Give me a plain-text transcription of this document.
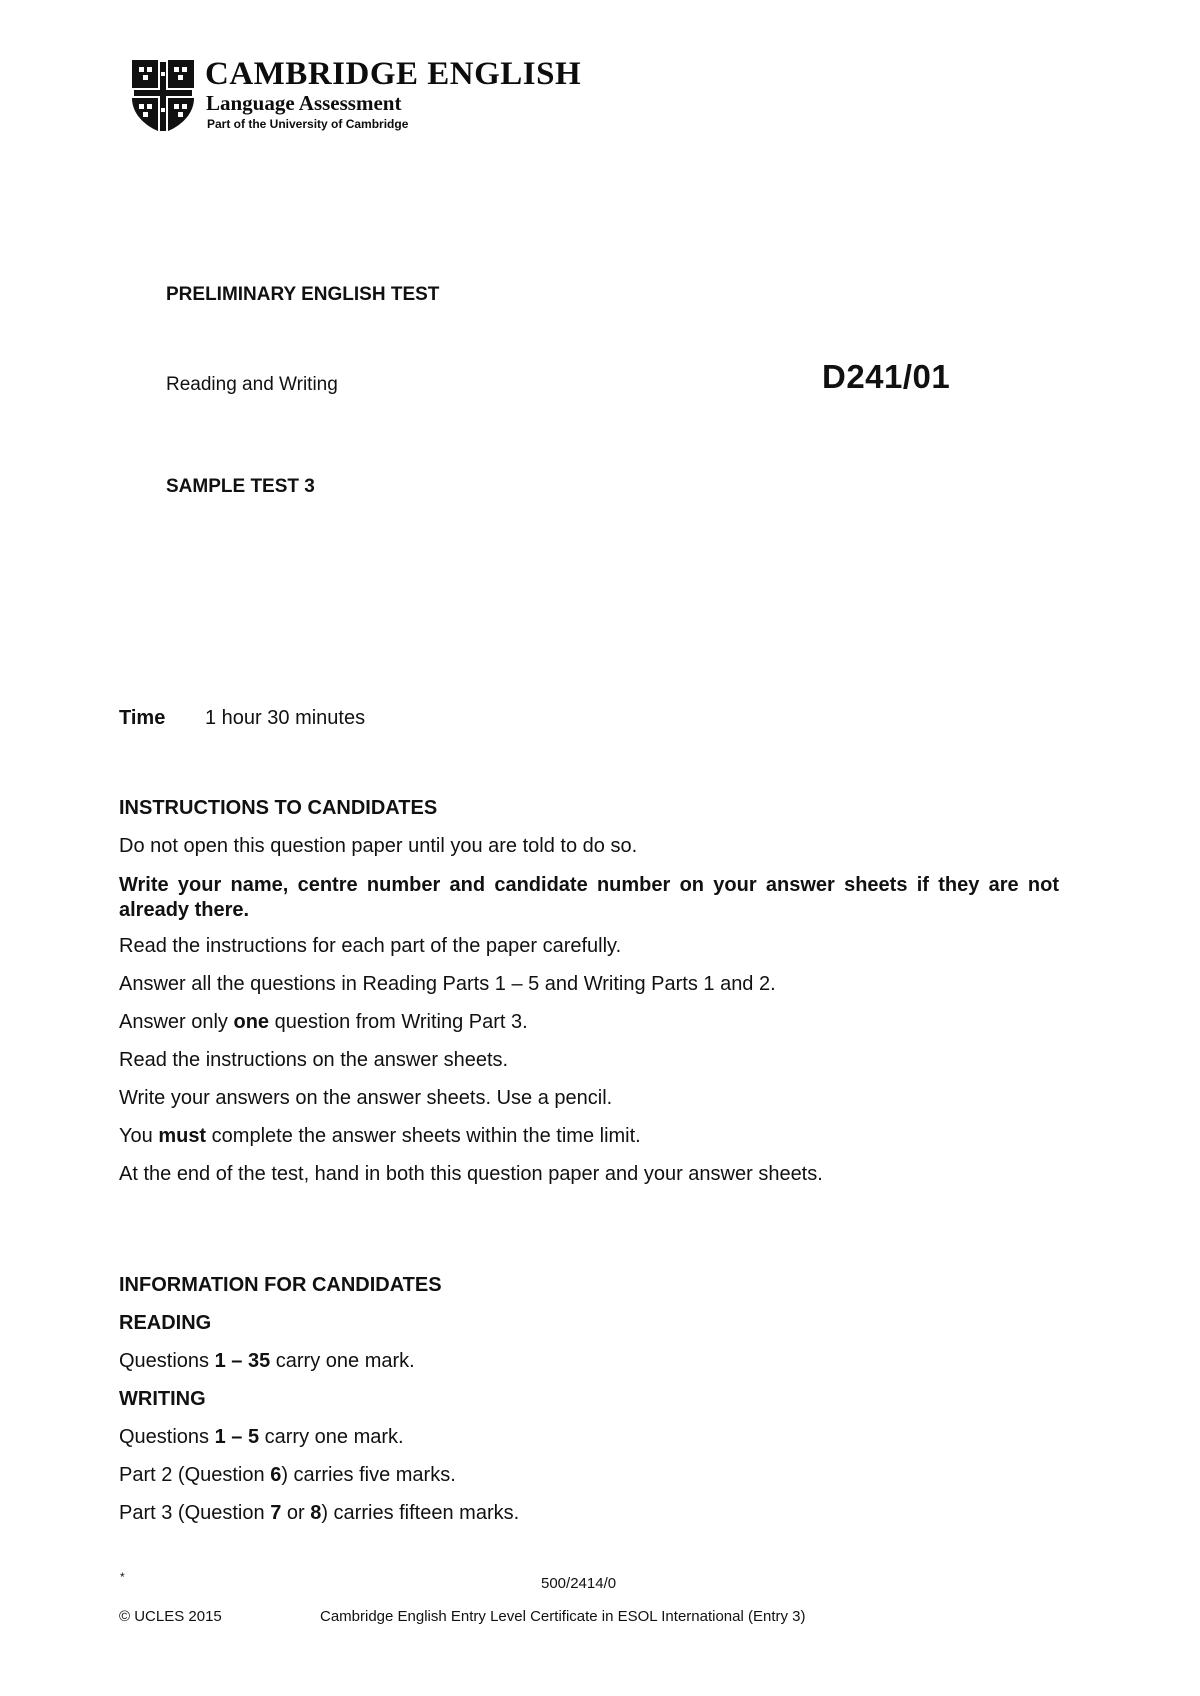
CAMBRIDGE ENGLISH
Language Assessment
Part of the University of Cambridge
PRELIMINARY ENGLISH TEST
Reading and Writing	D241/01
SAMPLE TEST 3
Time 1 hour 30 minutes
INSTRUCTIONS TO CANDIDATES
Do not open this question paper until you are told to do so.
Write your name, centre number and candidate number on your answer sheets if they are not already there.
Read the instructions for each part of the paper carefully.
Answer all the questions in Reading Parts 1 – 5 and Writing Parts 1 and 2.
Answer only one question from Writing Part 3.
Read the instructions on the answer sheets.
Write your answers on the answer sheets. Use a pencil.
You must complete the answer sheets within the time limit.
At the end of the test, hand in both this question paper and your answer sheets.
INFORMATION FOR CANDIDATES
READING
Questions 1 – 35 carry one mark.
WRITING
Questions 1 – 5 carry one mark.
Part 2 (Question 6) carries five marks.
Part 3 (Question 7 or 8) carries fifteen marks.
*	500/2414/0
© UCLES 2015	Cambridge English Entry Level Certificate in ESOL International (Entry 3)
